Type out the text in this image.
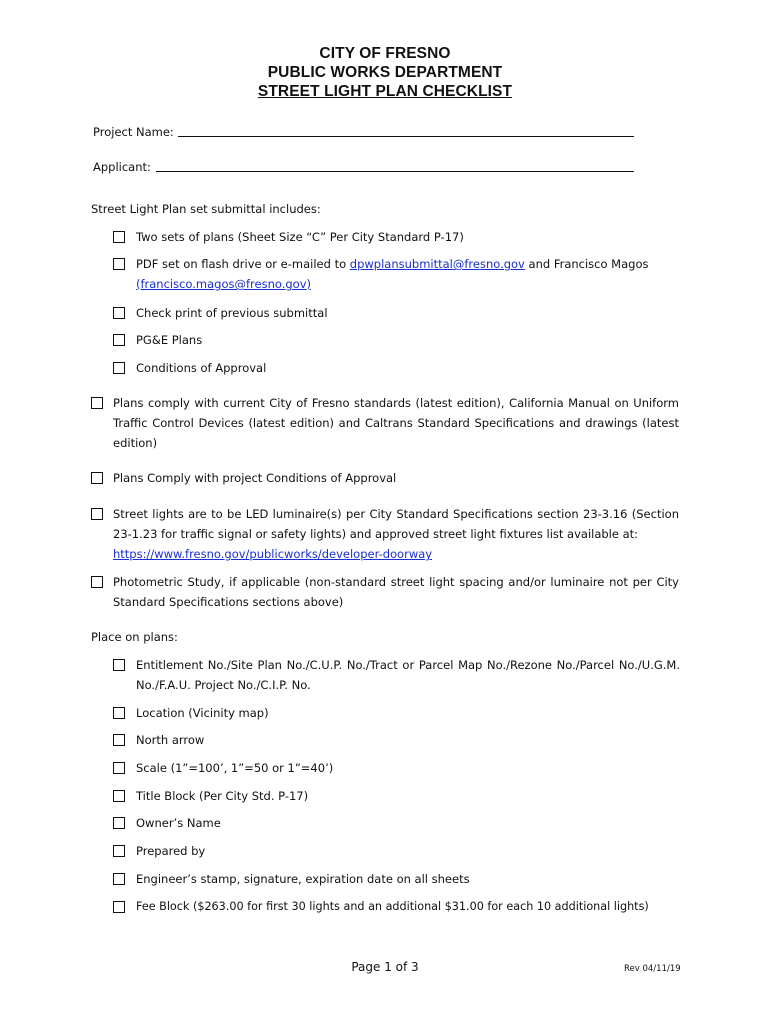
CITY OF FRESNO
PUBLIC WORKS DEPARTMENT
STREET LIGHT PLAN CHECKLIST
Project Name:
Applicant:
Street Light Plan set submittal includes:
Two sets of plans (Sheet Size “C” Per City Standard P-17)
PDF set on flash drive or e-mailed to dpwplansubmittal@fresno.gov and Francisco Magos
(francisco.magos@fresno.gov)
Check print of previous submittal
PG&E Plans
Conditions of Approval
Plans comply with current City of Fresno standards (latest edition), California Manual on Uniform Traffic Control Devices (latest edition) and Caltrans Standard Specifications and drawings (latest edition)
Plans Comply with project Conditions of Approval
Street lights are to be LED luminaire(s) per City Standard Specifications section 23-3.16 (Section 23-1.23 for traffic signal or safety lights) and approved street light fixtures list available at:
https://www.fresno.gov/publicworks/developer-doorway
Photometric Study, if applicable (non-standard street light spacing and/or luminaire not per City Standard Specifications sections above)
Place on plans:
Entitlement No./Site Plan No./C.U.P. No./Tract or Parcel Map No./Rezone No./Parcel No./U.G.M. No./F.A.U. Project No./C.I.P. No.
Location (Vicinity map)
North arrow
Scale (1”=100’, 1”=50 or 1”=40’)
Title Block (Per City Std. P-17)
Owner’s Name
Prepared by
Engineer’s stamp, signature, expiration date on all sheets
Fee Block ($263.00 for first 30 lights and an additional $31.00 for each 10 additional lights)
Page 1 of 3	Rev 04/11/19
